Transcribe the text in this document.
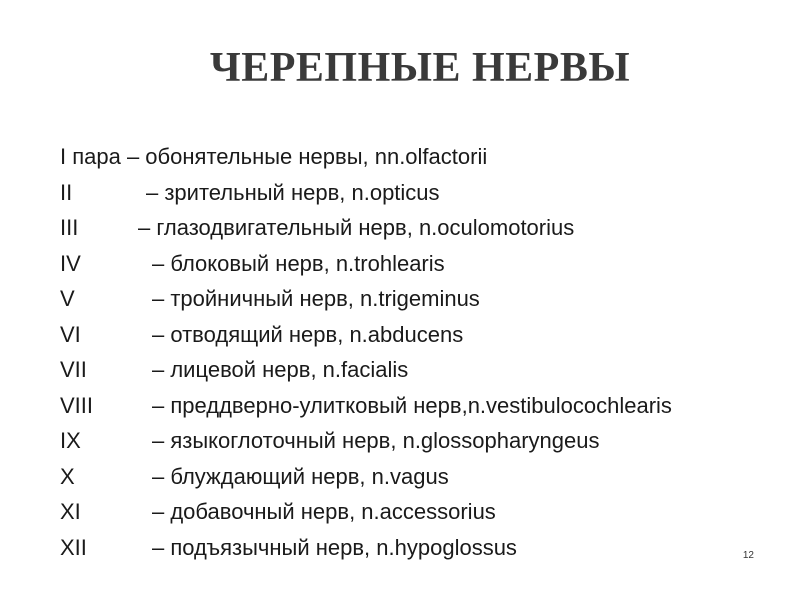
ЧЕРЕПНЫЕ НЕРВЫ
I пара – обонятельные нервы, nn.olfactorii
II	– зрительный нерв, n.opticus
III	– глазодвигательный нерв, n.oculomotorius
IV	– блоковый нерв, n.trohlearis
V	– тройничный нерв, n.trigeminus
VI	– отводящий нерв, n.abducens
VII	– лицевой нерв, n.facialis
VIII	– преддверно-улитковый нерв,n.vestibulocochlearis
IX	– языкоглоточный нерв, n.glossopharyngeus
X	– блуждающий нерв, n.vagus
XI	– добавочный нерв, n.accessorius
XII	– подъязычный нерв, n.hypoglossus	12
